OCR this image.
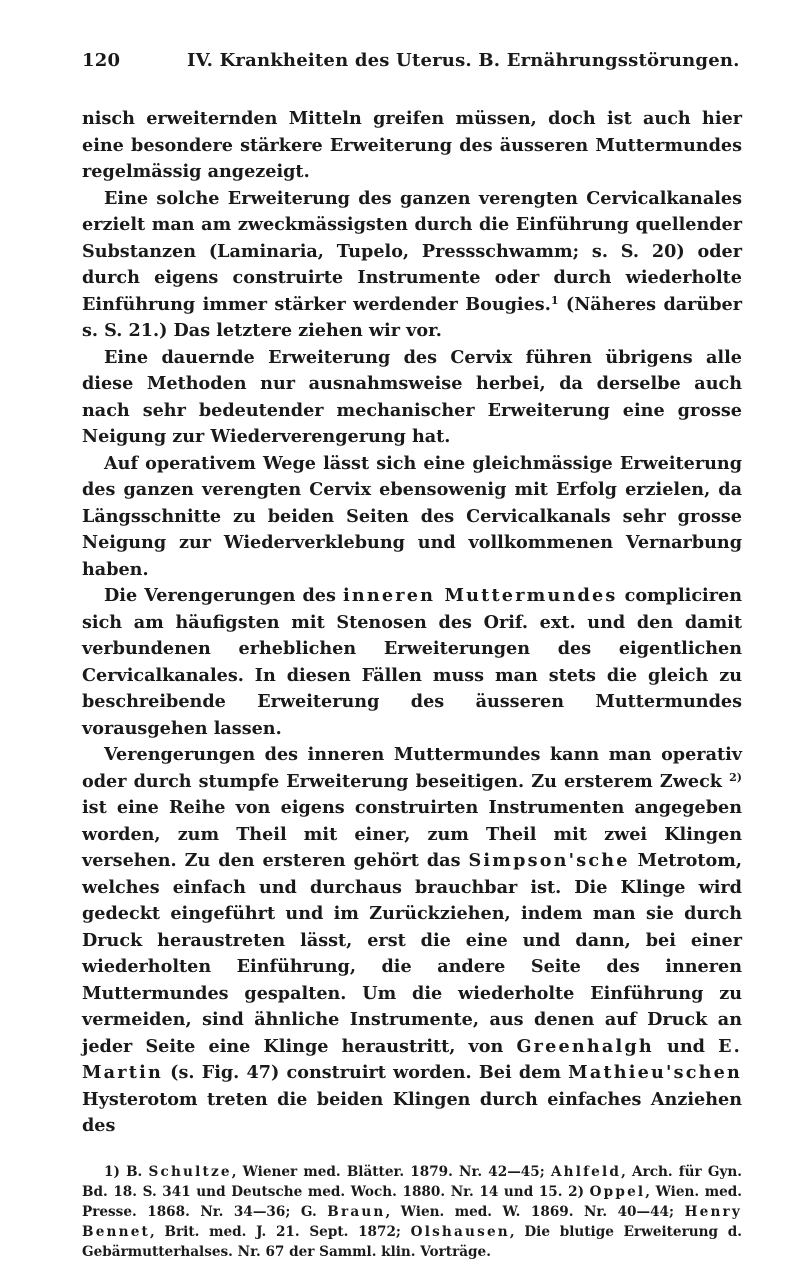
120	IV. Krankheiten des Uterus. B. Ernährungsstörungen.

nisch erweiternden Mitteln greifen müssen, doch ist auch hier eine besondere stärkere Erweiterung des äusseren Muttermundes regelmässig angezeigt.

Eine solche Erweiterung des ganzen verengten Cervicalkanales erzielt man am zweckmässigsten durch die Einführung quellender Substanzen (Laminaria, Tupelo, Pressschwamm; s. S. 20) oder durch eigens construirte Instrumente oder durch wiederholte Einführung immer stärker werdender Bougies.$^1$ (Näheres darüber s. S. 21.) Das letztere ziehen wir vor.

Eine dauernde Erweiterung des Cervix führen übrigens alle diese Methoden nur ausnahmsweise herbei, da derselbe auch nach sehr bedeutender mechanischer Erweiterung eine grosse Neigung zur Wiederverengerung hat.

Auf operativem Wege lässt sich eine gleichmässige Erweiterung des ganzen verengten Cervix ebensowenig mit Erfolg erzielen, da Längsschnitte zu beiden Seiten des Cervicalkanals sehr grosse Neigung zur Wiederverklebung und vollkommenen Vernarbung haben.

Die Verengerungen des inneren Muttermundes compliciren sich am häufigsten mit Stenosen des Orif. ext. und den damit verbundenen erheblichen Erweiterungen des eigentlichen Cervicalkanales. In diesen Fällen muss man stets die gleich zu beschreibende Erweiterung des äusseren Muttermundes vorausgehen lassen.

Verengerungen des inneren Muttermundes kann man operativ oder durch stumpfe Erweiterung beseitigen. Zu ersterem Zweck $^{2)}$ ist eine Reihe von eigens construirten Instrumenten angegeben worden, zum Theil mit einer, zum Theil mit zwei Klingen versehen. Zu den ersteren gehört das Simpson'sche Metrotom, welches einfach und durchaus brauchbar ist. Die Klinge wird gedeckt eingeführt und im Zurückziehen, indem man sie durch Druck heraustreten lässt, erst die eine und dann, bei einer wiederholten Einführung, die andere Seite des inneren Muttermundes gespalten. Um die wiederholte Einführung zu vermeiden, sind ähnliche Instrumente, aus denen auf Druck an jeder Seite eine Klinge heraustritt, von Greenhalgh und E. Martin (s. Fig. 47) construirt worden. Bei dem Mathieu'schen Hysterotom treten die beiden Klingen durch einfaches Anziehen des

1) B. Schultze, Wiener med. Blätter. 1879. Nr. 42—45; Ahlfeld, Arch. für Gyn. Bd. 18. S. 341 und Deutsche med. Woch. 1880. Nr. 14 und 15. 2) Oppel, Wien. med. Presse. 1868. Nr. 34—36; G. Braun, Wien. med. W. 1869. Nr. 40—44; Henry Bennet, Brit. med. J. 21. Sept. 1872; Olshausen, Die blutige Erweiterung d. Gebärmutterhalses. Nr. 67 der Samml. klin. Vorträge.
